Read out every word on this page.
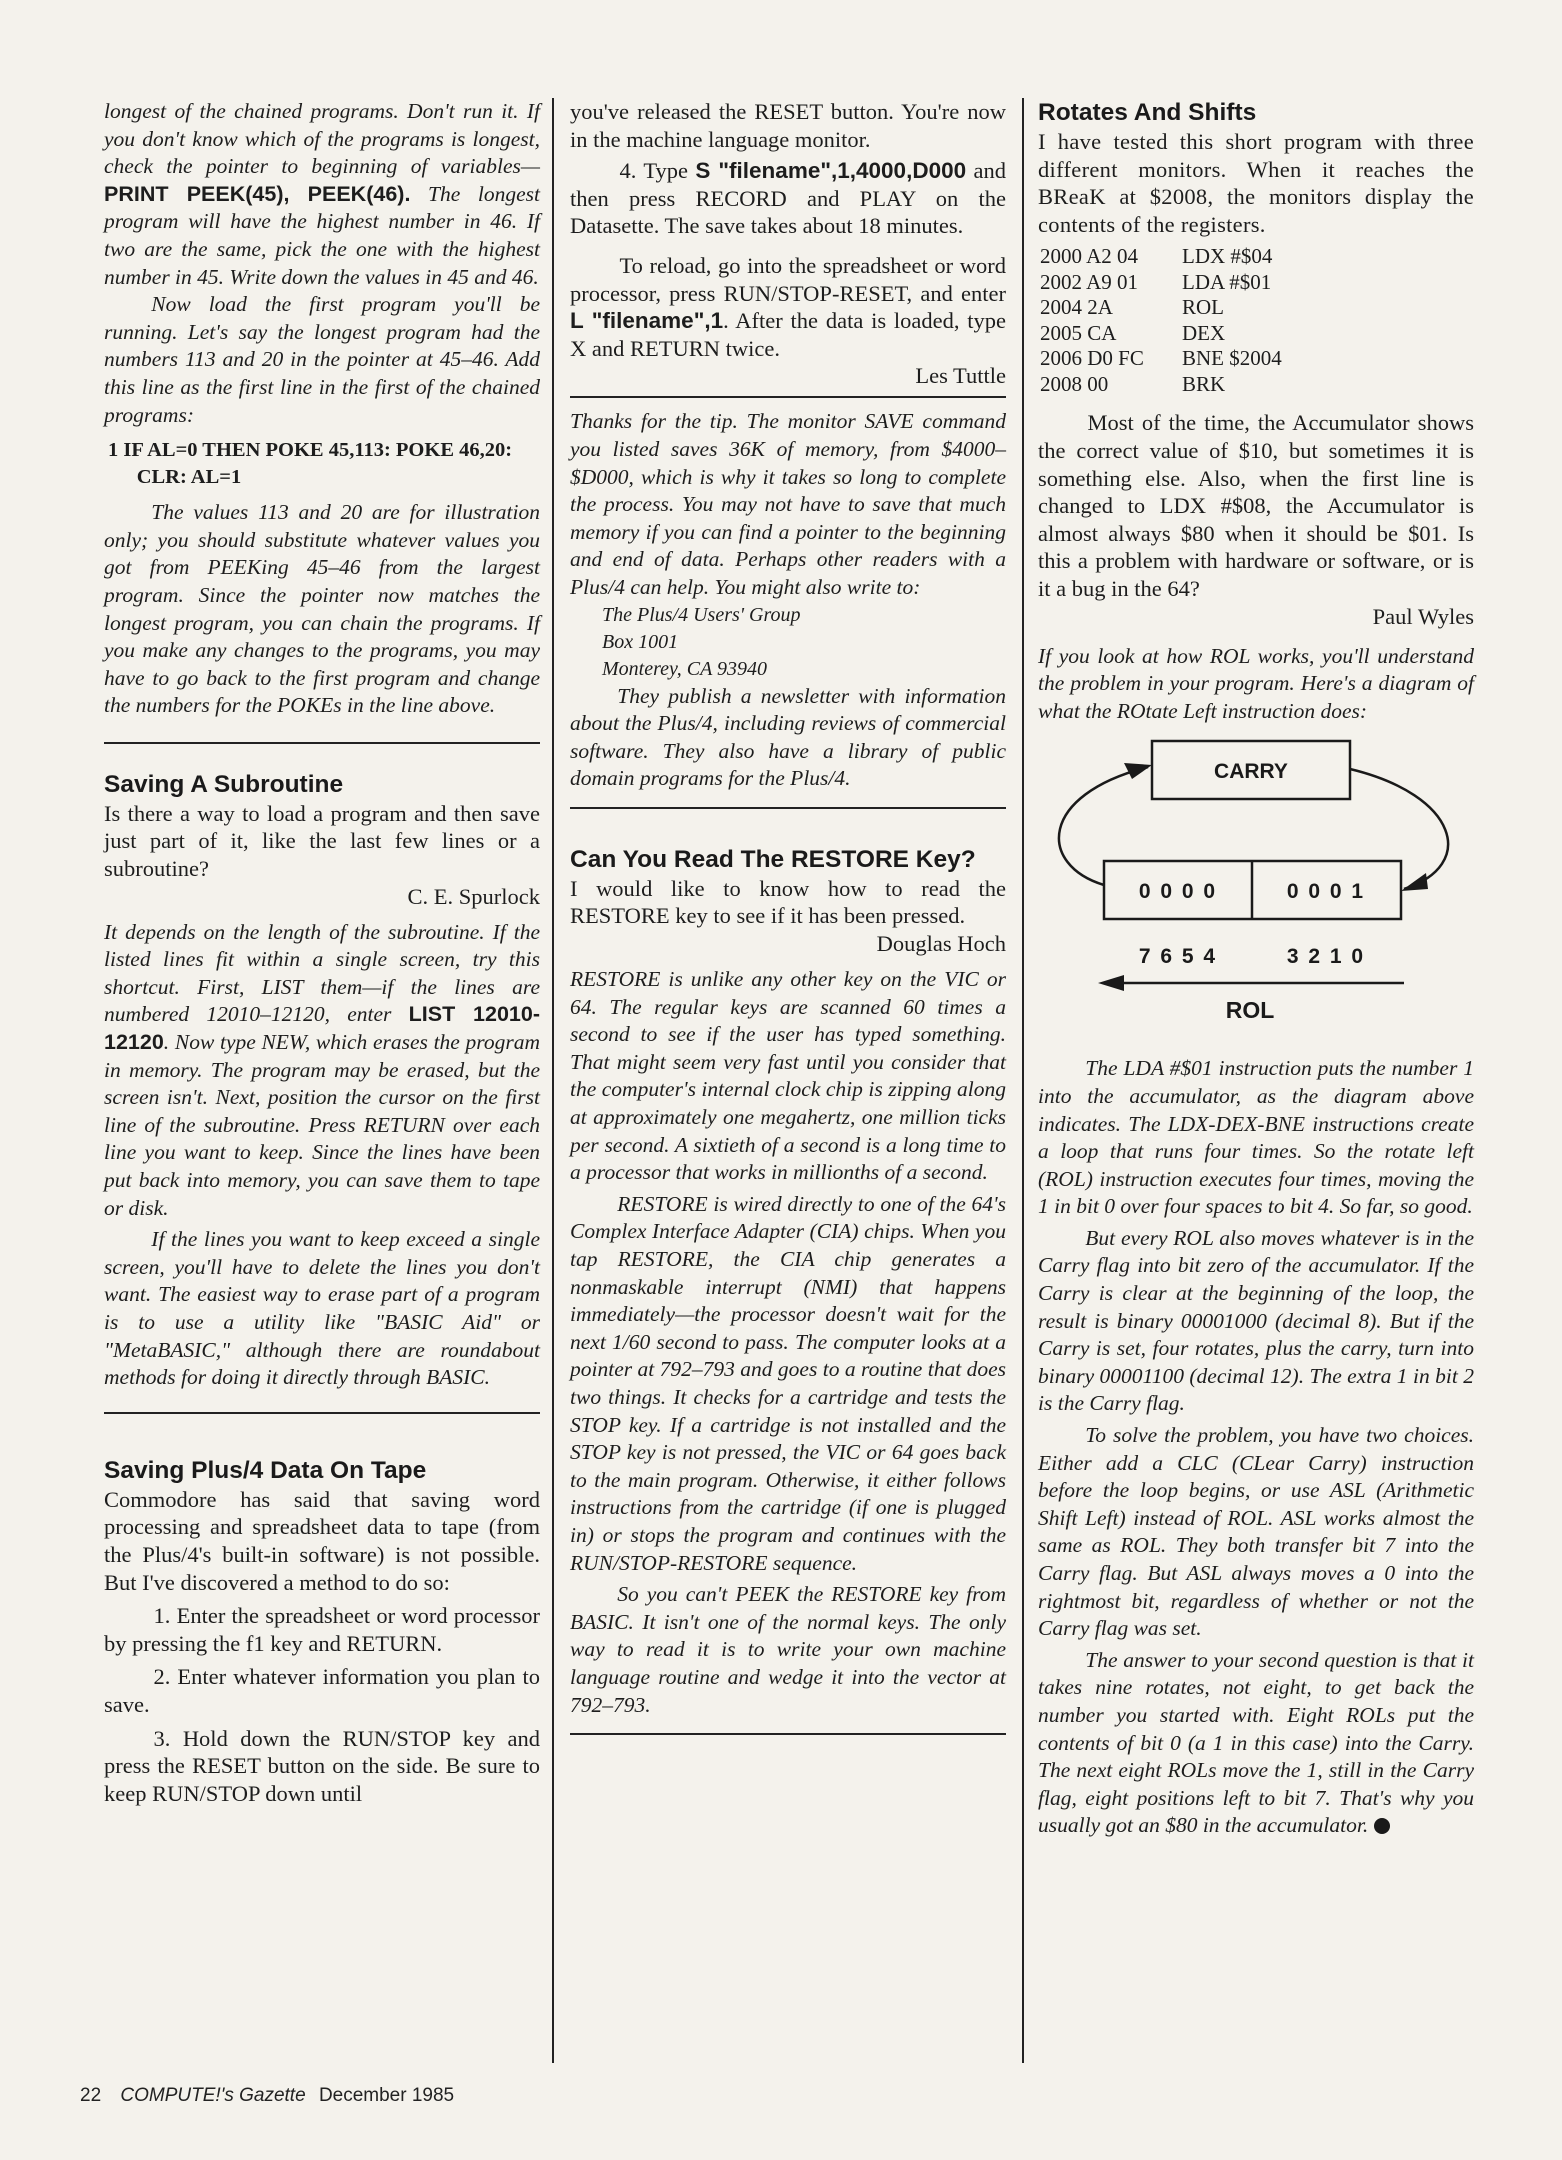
longest of the chained programs. Don't run it. If you don't know which of the programs is longest, check the pointer to beginning of variables—PRINT PEEK(45), PEEK(46). The longest program will have the highest number in 46. If two are the same, pick the one with the highest number in 45. Write down the values in 45 and 46.

Now load the first program you'll be running. Let's say the longest program had the numbers 113 and 20 in the pointer at 45–46. Add this line as the first line in the first of the chained programs:

1 IF AL=0 THEN POKE 45,113: POKE 46,20: CLR: AL=1

The values 113 and 20 are for illustration only; you should substitute whatever values you got from PEEKing 45–46 from the largest program. Since the pointer now matches the longest program, you can chain the programs. If you make any changes to the programs, you may have to go back to the first program and change the numbers for the POKEs in the line above.

Saving A Subroutine

Is there a way to load a program and then save just part of it, like the last few lines or a subroutine?

C. E. Spurlock

It depends on the length of the subroutine. If the listed lines fit within a single screen, try this shortcut. First, LIST them—if the lines are numbered 12010–12120, enter LIST 12010-12120. Now type NEW, which erases the program in memory. The program may be erased, but the screen isn't. Next, position the cursor on the first line of the subroutine. Press RETURN over each line you want to keep. Since the lines have been put back into memory, you can save them to tape or disk.

If the lines you want to keep exceed a single screen, you'll have to delete the lines you don't want. The easiest way to erase part of a program is to use a utility like "BASIC Aid" or "MetaBASIC," although there are roundabout methods for doing it directly through BASIC.

Saving Plus/4 Data On Tape

Commodore has said that saving word processing and spreadsheet data to tape (from the Plus/4's built-in software) is not possible. But I've discovered a method to do so:

1. Enter the spreadsheet or word processor by pressing the f1 key and RETURN.

2. Enter whatever information you plan to save.

3. Hold down the RUN/STOP key and press the RESET button on the side. Be sure to keep RUN/STOP down until

you've released the RESET button. You're now in the machine language monitor.

4. Type S "filename",1,4000,D000 and then press RECORD and PLAY on the Datasette. The save takes about 18 minutes.

To reload, go into the spreadsheet or word processor, press RUN/STOP-RESET, and enter L "filename",1. After the data is loaded, type X and RETURN twice.

Les Tuttle

Thanks for the tip. The monitor SAVE command you listed saves 36K of memory, from $4000–$D000, which is why it takes so long to complete the process. You may not have to save that much memory if you can find a pointer to the beginning and end of data. Perhaps other readers with a Plus/4 can help. You might also write to:

The Plus/4 Users' Group
Box 1001
Monterey, CA 93940

They publish a newsletter with information about the Plus/4, including reviews of commercial software. They also have a library of public domain programs for the Plus/4.

Can You Read The RESTORE Key?

I would like to know how to read the RESTORE key to see if it has been pressed.

Douglas Hoch

RESTORE is unlike any other key on the VIC or 64. The regular keys are scanned 60 times a second to see if the user has typed something. That might seem very fast until you consider that the computer's internal clock chip is zipping along at approximately one megahertz, one million ticks per second. A sixtieth of a second is a long time to a processor that works in millionths of a second.

RESTORE is wired directly to one of the 64's Complex Interface Adapter (CIA) chips. When you tap RESTORE, the CIA chip generates a nonmaskable interrupt (NMI) that happens immediately—the processor doesn't wait for the next 1/60 second to pass. The computer looks at a pointer at 792–793 and goes to a routine that does two things. It checks for a cartridge and tests the STOP key. If a cartridge is not installed and the STOP key is not pressed, the VIC or 64 goes back to the main program. Otherwise, it either follows instructions from the cartridge (if one is plugged in) or stops the program and continues with the RUN/STOP-RESTORE sequence.

So you can't PEEK the RESTORE key from BASIC. It isn't one of the normal keys. The only way to read it is to write your own machine language routine and wedge it into the vector at 792–793.

Rotates And Shifts

I have tested this short program with three different monitors. When it reaches the BReaK at $2008, the monitors display the contents of the registers.

2000 A2 04	LDX #$04
2002 A9 01	LDA #$01
2004 2A	ROL
2005 CA	DEX
2006 D0 FC	BNE $2004
2008 00	BRK

Most of the time, the Accumulator shows the correct value of $10, but sometimes it is something else. Also, when the first line is changed to LDX #$08, the Accumulator is almost always $80 when it should be $01. Is this a problem with hardware or software, or is it a bug in the 64?

Paul Wyles

If you look at how ROL works, you'll understand the problem in your program. Here's a diagram of what the ROtate Left instruction does:

CARRY
0 0 0 0	0 0 0 1
7 6 5 4	3 2 1 0
ROL

The LDA #$01 instruction puts the number 1 into the accumulator, as the diagram above indicates. The LDX-DEX-BNE instructions create a loop that runs four times. So the rotate left (ROL) instruction executes four times, moving the 1 in bit 0 over four spaces to bit 4. So far, so good.

But every ROL also moves whatever is in the Carry flag into bit zero of the accumulator. If the Carry is clear at the beginning of the loop, the result is binary 00001000 (decimal 8). But if the Carry is set, four rotates, plus the carry, turn into binary 00001100 (decimal 12). The extra 1 in bit 2 is the Carry flag.

To solve the problem, you have two choices. Either add a CLC (CLear Carry) instruction before the loop begins, or use ASL (Arithmetic Shift Left) instead of ROL. ASL works almost the same as ROL. They both transfer bit 7 into the Carry flag. But ASL always moves a 0 into the rightmost bit, regardless of whether or not the Carry flag was set.

The answer to your second question is that it takes nine rotates, not eight, to get back the number you started with. Eight ROLs put the contents of bit 0 (a 1 in this case) into the Carry. The next eight ROLs move the 1, still in the Carry flag, eight positions left to bit 7. That's why you usually got an $80 in the accumulator.

22 COMPUTE!'s Gazette December 1985
